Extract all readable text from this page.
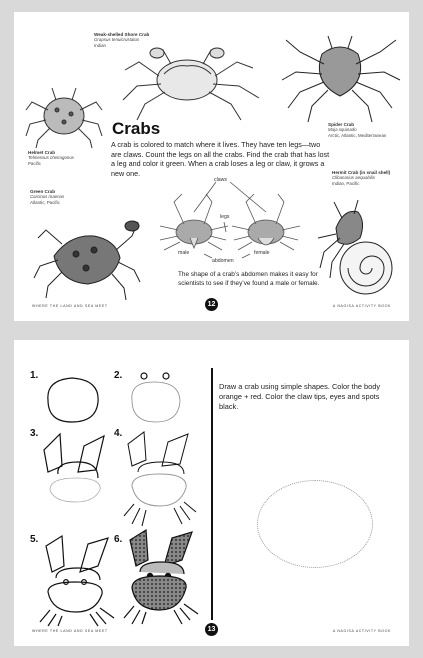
Weak-shelled Shore Crab
Grapsus tenuicrustatus
Indian
Helmet Crab
Telmessus cheiragonus
Pacific
Spider Crab
Maja squinado
Arctic, Atlantic, Mediterranean
Crabs
A crab is colored to match where it lives. They have ten legs—two are claws. Count the legs on all the crabs. Find the crab that has lost a leg and color it green. When a crab loses a leg or claw, it grows a new one.
Green Crab
Carcinus maenas
Atlantic, Pacific
claws
legs
male	female
abdomen
The shape of a crab’s abdomen makes it easy for scientists to see if they’ve found a male or female.
Hermit Crab (in snail shell)
Clibanarius aequabilis
Indian, Pacific
WHERE THE LAND AND SEA MEET	12	A NAGISA ACTIVITY BOOK
1.	2.
3.	4.
5.	6.
Draw a crab using simple shapes. Color the body orange + red. Color the claw tips, eyes and spots black.
WHERE THE LAND AND SEA MEET	13	A NAGISA ACTIVITY BOOK
